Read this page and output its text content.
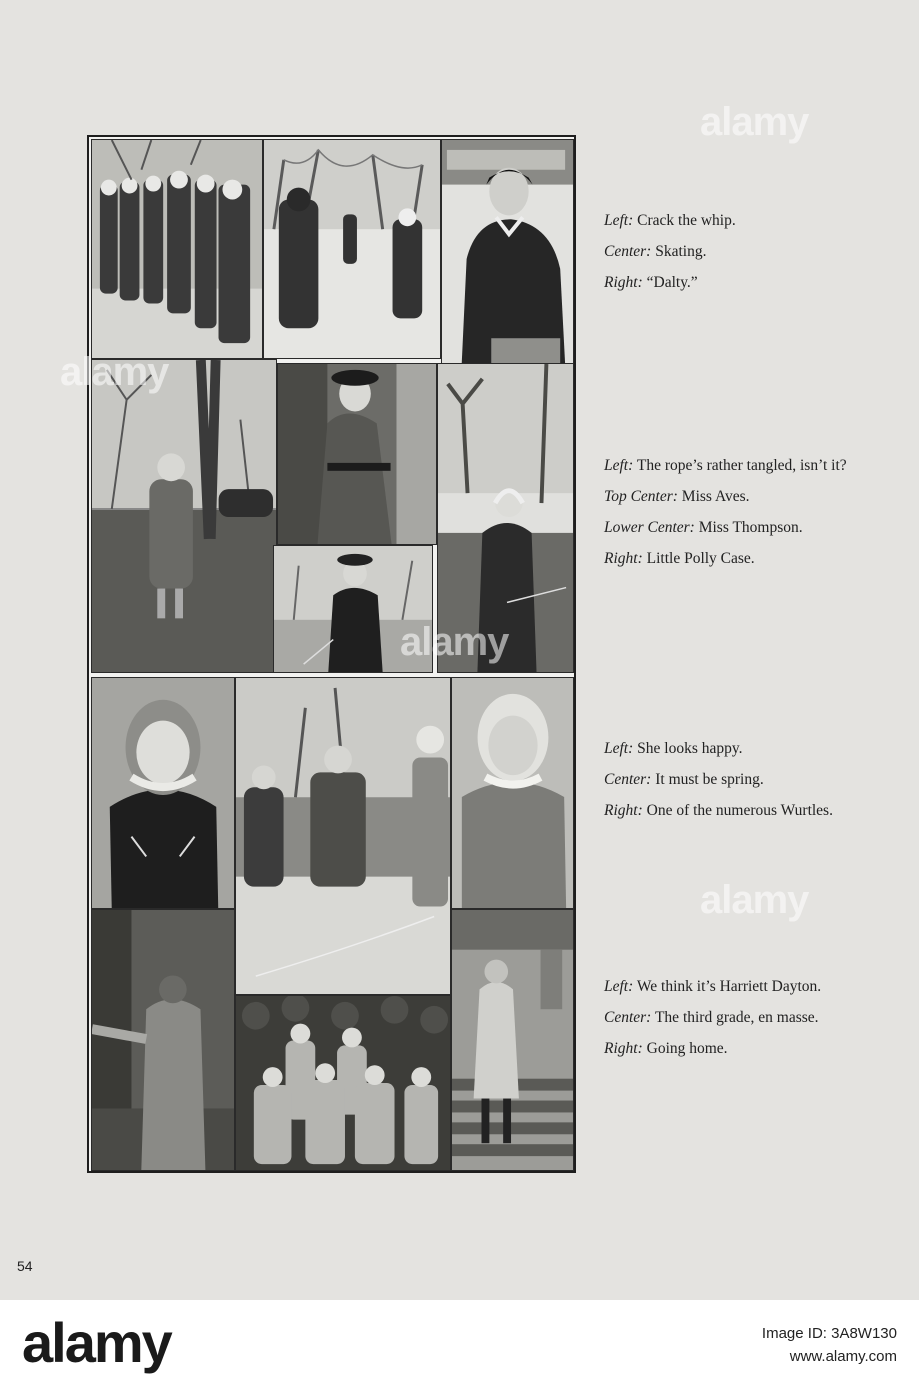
Left: Crack the whip.
Center: Skating.
Right: “Dalty.”
Left: The rope’s rather tangled, isn’t it?
Top Center: Miss Aves.
Lower Center: Miss Thompson.
Right: Little Polly Case.
Left: She looks happy.
Center: It must be spring.
Right: One of the numerous Wurtles.
Left: We think it’s Harriett Dayton.
Center: The third grade, en masse.
Right: Going home.
54
alamy
alamy
alamy
alamy
alamy	Image ID: 3A8W130
www.alamy.com
